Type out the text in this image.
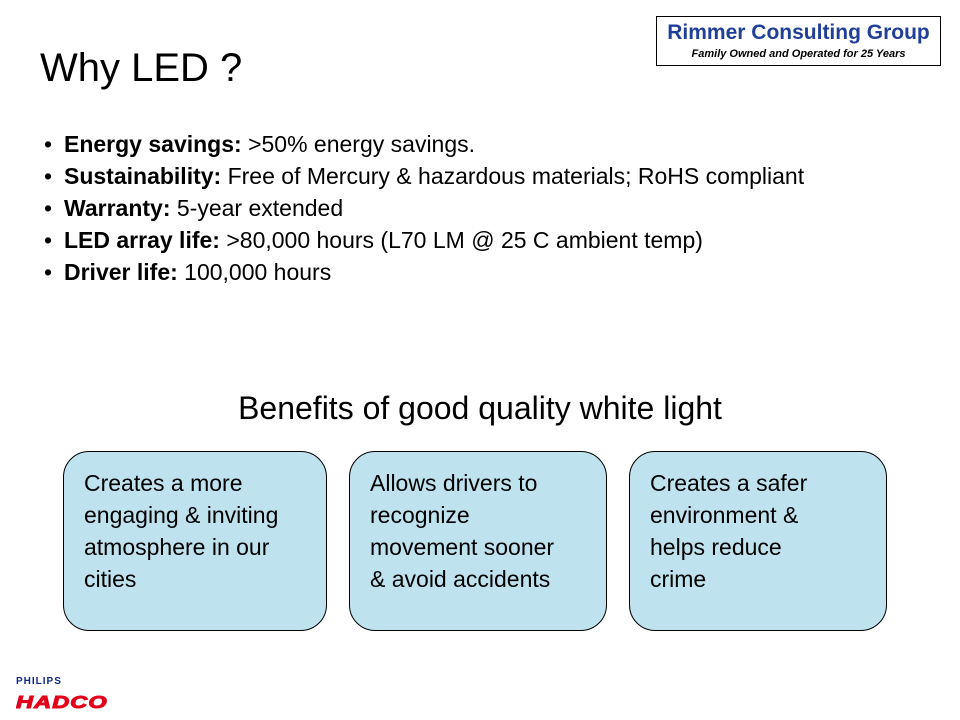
Rimmer Consulting Group
Family Owned and Operated for 25 Years
Why LED ?
• Energy savings: >50% energy savings.
• Sustainability: Free of Mercury & hazardous materials; RoHS compliant
• Warranty: 5-year extended
• LED array life: >80,000 hours (L70 LM @ 25 C ambient temp)
• Driver life: 100,000 hours
Benefits of good quality white light
Creates a more
engaging & inviting
atmosphere in our
cities
Allows drivers to
recognize
movement sooner
& avoid accidents
Creates a safer
environment &
helps reduce
crime
PHILIPS
HADCO
